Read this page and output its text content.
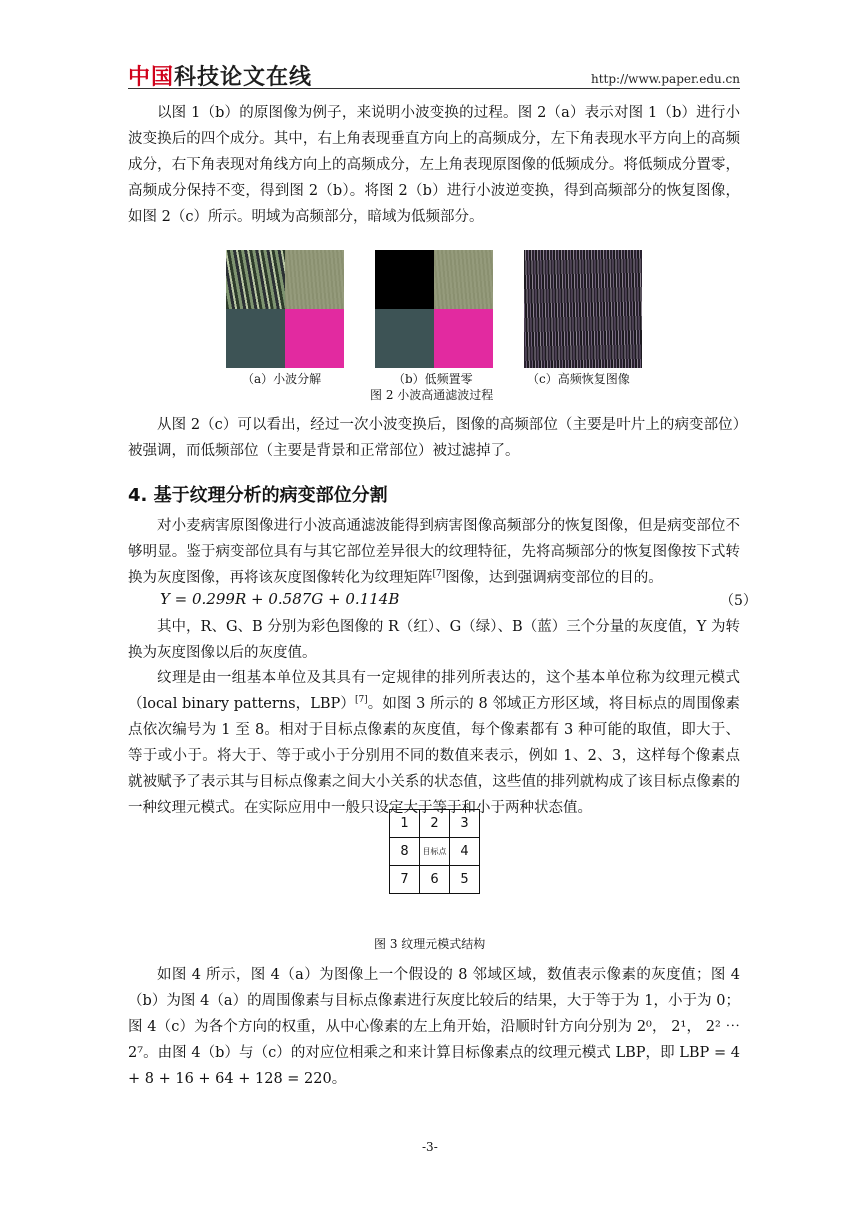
中国科技论文在线	http://www.paper.edu.cn
以图 1（b）的原图像为例子，来说明小波变换的过程。图 2（a）表示对图 1（b）进行小波变换后的四个成分。其中，右上角表现垂直方向上的高频成分，左下角表现水平方向上的高频成分，右下角表现对角线方向上的高频成分，左上角表现原图像的低频成分。将低频成分置零，高频成分保持不变，得到图 2（b）。将图 2（b）进行小波逆变换，得到高频部分的恢复图像，如图 2（c）所示。明域为高频部分，暗域为低频部分。
（a）小波分解	（b）低频置零	（c）高频恢复图像
图 2 小波高通滤波过程
从图 2（c）可以看出，经过一次小波变换后，图像的高频部位（主要是叶片上的病变部位）被强调，而低频部位（主要是背景和正常部位）被过滤掉了。
4. 基于纹理分析的病变部位分割
对小麦病害原图像进行小波高通滤波能得到病害图像高频部分的恢复图像，但是病变部位不够明显。鉴于病变部位具有与其它部位差异很大的纹理特征，先将高频部分的恢复图像按下式转换为灰度图像，再将该灰度图像转化为纹理矩阵[7]图像，达到强调病变部位的目的。
Y = 0.299R + 0.587G + 0.114B	（5）
其中，R、G、B 分别为彩色图像的 R（红）、G（绿）、B（蓝）三个分量的灰度值，Y 为转换为灰度图像以后的灰度值。
纹理是由一组基本单位及其具有一定规律的排列所表达的，这个基本单位称为纹理元模式（local binary patterns，LBP）[7]。如图 3 所示的 8 邻域正方形区域，将目标点的周围像素点依次编号为 1 至 8。相对于目标点像素的灰度值，每个像素都有 3 种可能的取值，即大于、等于或小于。将大于、等于或小于分别用不同的数值来表示，例如 1、2、3，这样每个像素点就被赋予了表示其与目标点像素之间大小关系的状态值，这些值的排列就构成了该目标点像素的一种纹理元模式。在实际应用中一般只设定大于等于和小于两种状态值。
1	2	3
8	目标点	4
7	6	5
图 3 纹理元模式结构
如图 4 所示，图 4（a）为图像上一个假设的 8 邻域区域，数值表示像素的灰度值；图 4（b）为图 4（a）的周围像素与目标点像素进行灰度比较后的结果，大于等于为 1，小于为 0；图 4（c）为各个方向的权重，从中心像素的左上角开始，沿顺时针方向分别为 2⁰， 2¹， 2² ⋯ 2⁷。由图 4（b）与（c）的对应位相乘之和来计算目标像素点的纹理元模式 LBP，即 LBP = 4 + 8 + 16 + 64 + 128 = 220。
-3-
